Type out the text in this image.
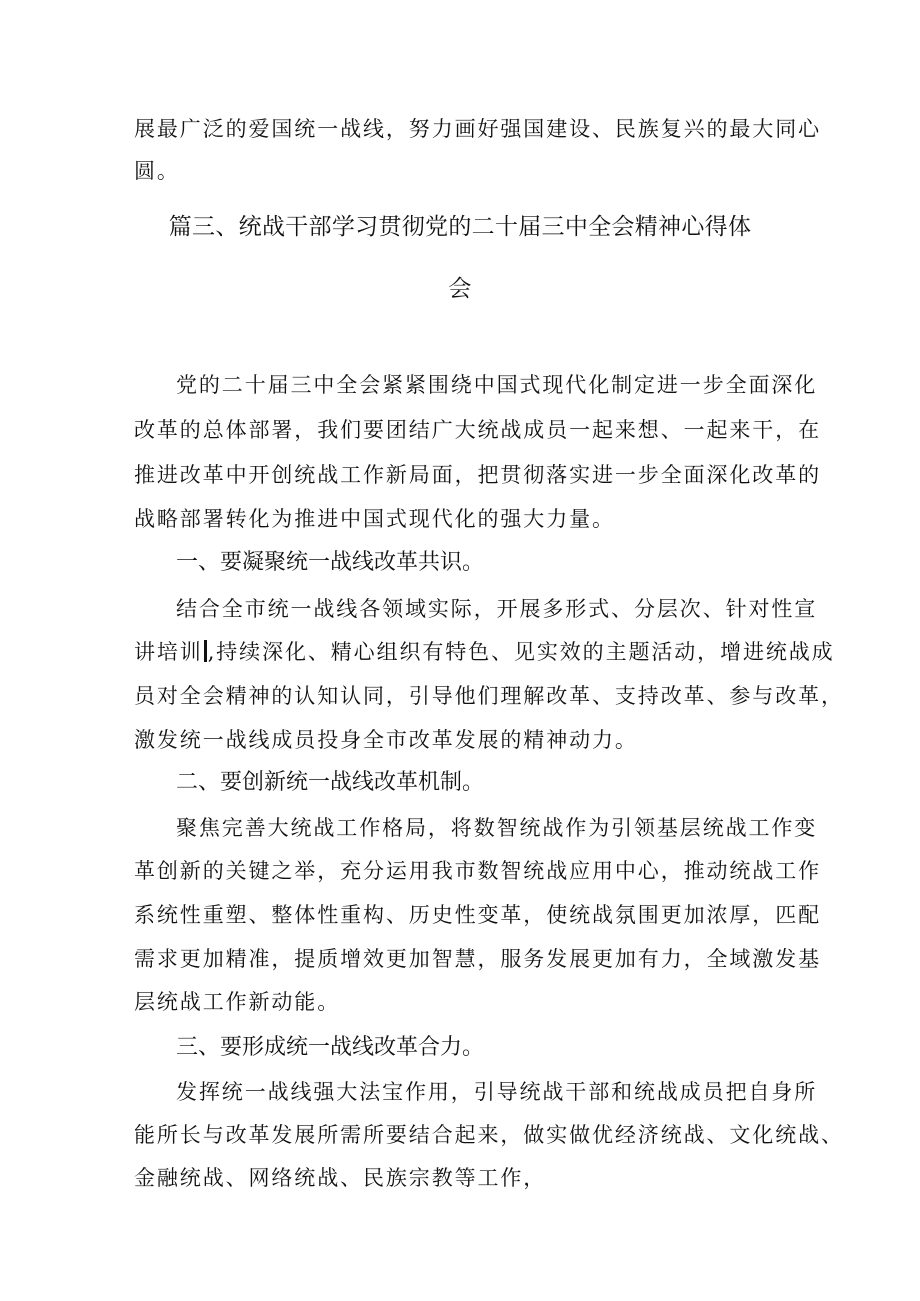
展最广泛的爱国统一战线，努力画好强国建设、民族复兴的最大同心
圆。
篇三、统战干部学习贯彻党的二十届三中全会精神心得体
会
党的二十届三中全会紧紧围绕中国式现代化制定进一步全面深化
改革的总体部署，我们要团结广大统战成员一起来想、一起来干，在
推进改革中开创统战工作新局面，把贯彻落实进一步全面深化改革的
战略部署转化为推进中国式现代化的强大力量。
一、要凝聚统一战线改革共识。
结合全市统一战线各领域实际，开展多形式、分层次、针对性宣
讲培训 ,持续深化、精心组织有特色、见实效的主题活动，增进统战成
员对全会精神的认知认同，引导他们理解改革、支持改革、参与改革，
激发统一战线成员投身全市改革发展的精神动力。
二、要创新统一战线改革机制。
聚焦完善大统战工作格局，将数智统战作为引领基层统战工作变
革创新的关键之举，充分运用我市数智统战应用中心，推动统战工作
系统性重塑、整体性重构、历史性变革，使统战氛围更加浓厚，匹配
需求更加精准，提质增效更加智慧，服务发展更加有力，全域激发基
层统战工作新动能。
三、要形成统一战线改革合力。
发挥统一战线强大法宝作用，引导统战干部和统战成员把自身所
能所长与改革发展所需所要结合起来，做实做优经济统战、文化统战、
金融统战、网络统战、民族宗教等工作，
